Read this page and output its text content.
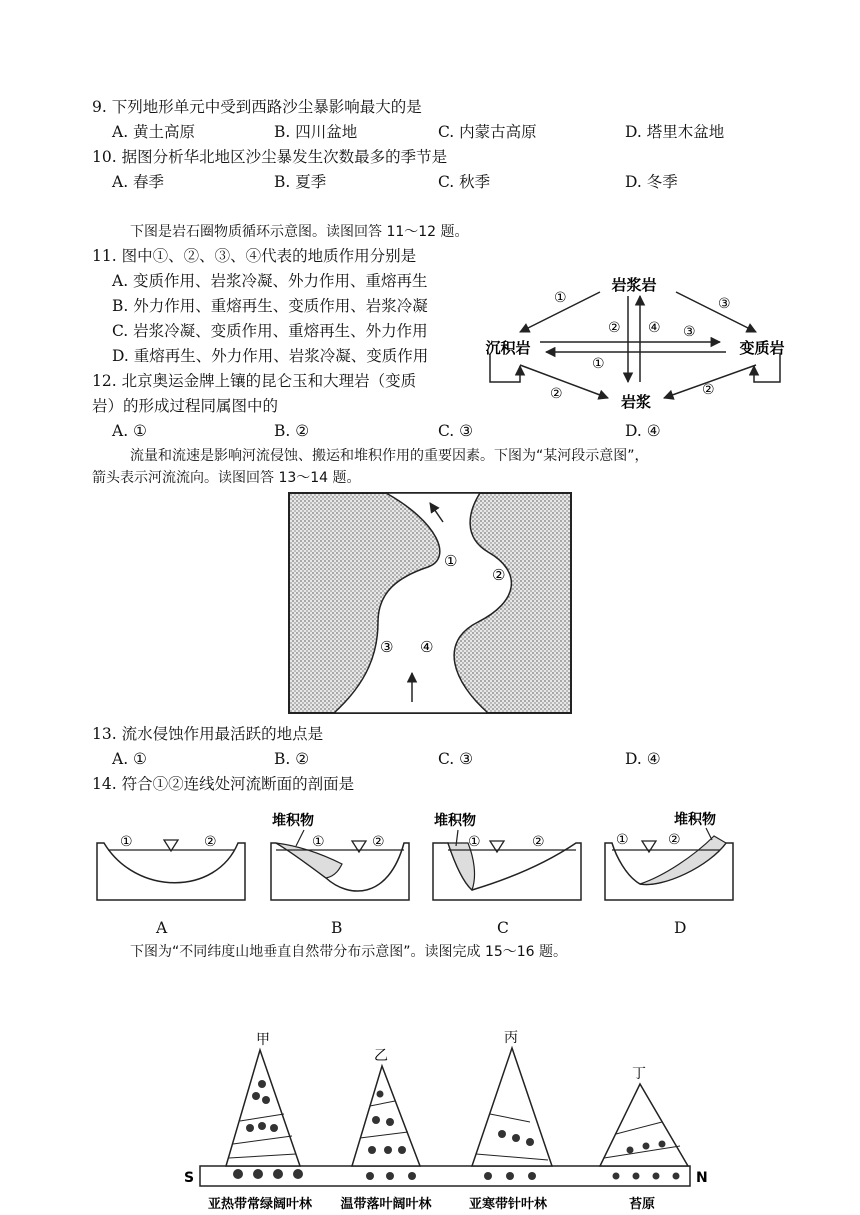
9. 下列地形单元中受到西路沙尘暴影响最大的是
A. 黄土高原	B. 四川盆地	C. 内蒙古高原	D. 塔里木盆地
10. 据图分析华北地区沙尘暴发生次数最多的季节是
A. 春季	B. 夏季	C. 秋季	D. 冬季
下图是岩石圈物质循环示意图。读图回答 11～12 题。
11. 图中①、②、③、④代表的地质作用分别是
A. 变质作用、岩浆冷凝、外力作用、重熔再生
B. 外力作用、重熔再生、变质作用、岩浆冷凝
C. 岩浆冷凝、变质作用、重熔再生、外力作用
D. 重熔再生、外力作用、岩浆冷凝、变质作用
12. 北京奥运金牌上镶的昆仑玉和大理岩（变质
岩）的形成过程同属图中的
A. ①	B. ②	C. ③	D. ④
岩浆岩
沉积岩	变质岩
岩浆
①	③
② ④ ③
①
②	②
流量和流速是影响河流侵蚀、搬运和堆积作用的重要因素。下图为“某河段示意图”，
箭头表示河流流向。读图回答 13～14 题。
①
②
③ ④
13. 流水侵蚀作用最活跃的地点是
A. ①	B. ②	C. ③	D. ④
14. 符合①②连线处河流断面的剖面是
①	②
堆积物
①	②
堆积物
①	②
堆积物
①	②
A	B	C	D
下图为“不同纬度山地垂直自然带分布示意图”。读图完成 15～16 题。
甲
乙
丙
丁
S	N
亚热带常绿阔叶林 温带落叶阔叶林	亚寒带针叶林	苔原
